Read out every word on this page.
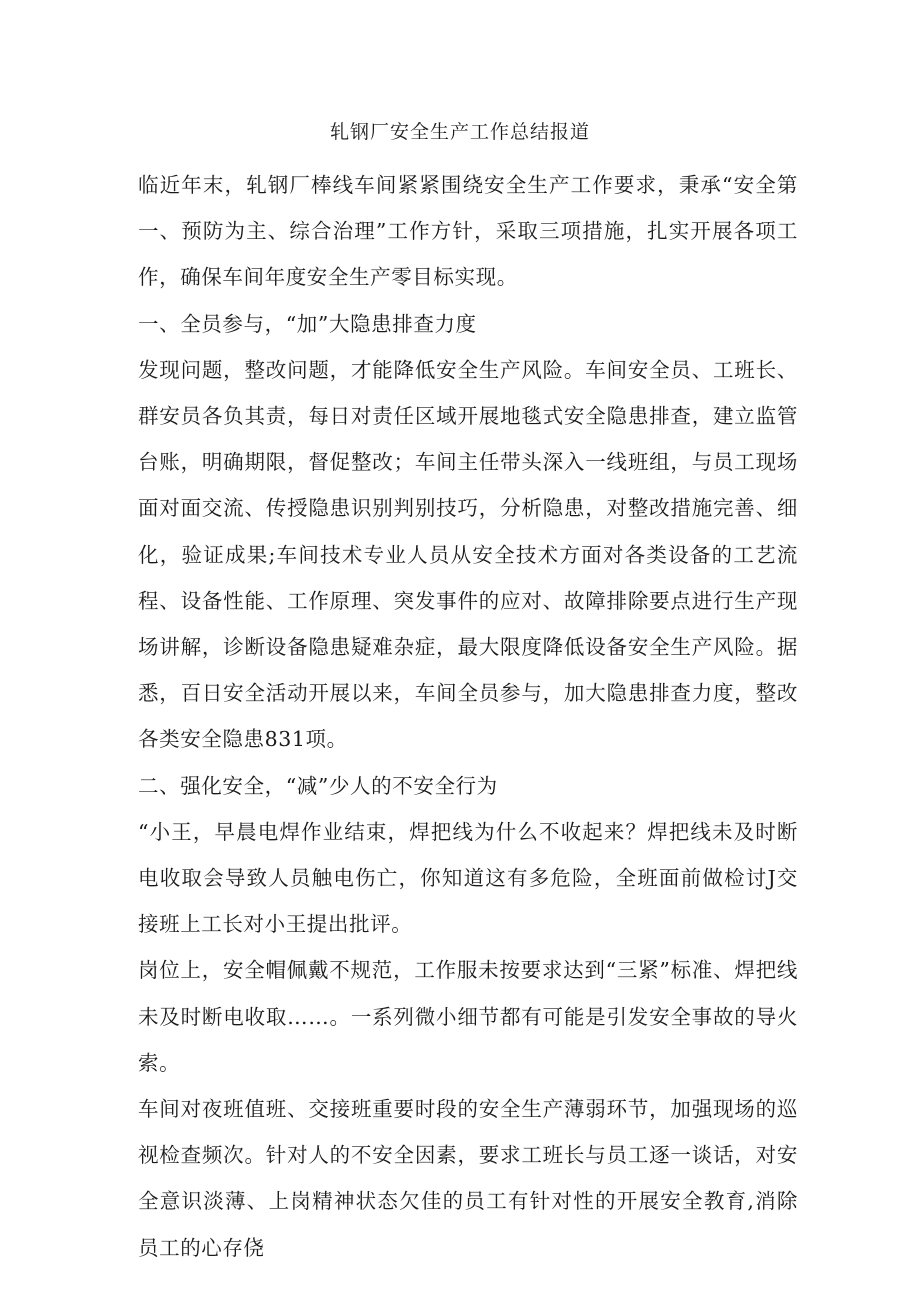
轧钢厂安全生产工作总结报道

临近年末，轧钢厂棒线车间紧紧围绕安全生产工作要求，秉承“安全第一、预防为主、综合治理”工作方针，采取三项措施，扎实开展各项工作，确保车间年度安全生产零目标实现。

一、全员参与，“加”大隐患排查力度

发现问题，整改问题，才能降低安全生产风险。车间安全员、工班长、群安员各负其责，每日对责任区域开展地毯式安全隐患排查，建立监管台账，明确期限，督促整改；车间主任带头深入一线班组，与员工现场面对面交流、传授隐患识别判别技巧，分析隐患，对整改措施完善、细化，验证成果;车间技术专业人员从安全技术方面对各类设备的工艺流程、设备性能、工作原理、突发事件的应对、故障排除要点进行生产现场讲解，诊断设备隐患疑难杂症，最大限度降低设备安全生产风险。据悉，百日安全活动开展以来，车间全员参与，加大隐患排查力度，整改各类安全隐患831项。

二、强化安全，“减”少人的不安全行为

“小王，早晨电焊作业结束，焊把线为什么不收起来？焊把线未及时断电收取会导致人员触电伤亡，你知道这有多危险，全班面前做检讨J交接班上工长对小王提出批评。

岗位上，安全帽佩戴不规范，工作服未按要求达到“三紧”标准、焊把线未及时断电收取……。一系列微小细节都有可能是引发安全事故的导火索。

车间对夜班值班、交接班重要时段的安全生产薄弱环节，加强现场的巡视检查频次。针对人的不安全因素，要求工班长与员工逐一谈话，对安全意识淡薄、上岗精神状态欠佳的员工有针对性的开展安全教育,消除员工的心存侥
